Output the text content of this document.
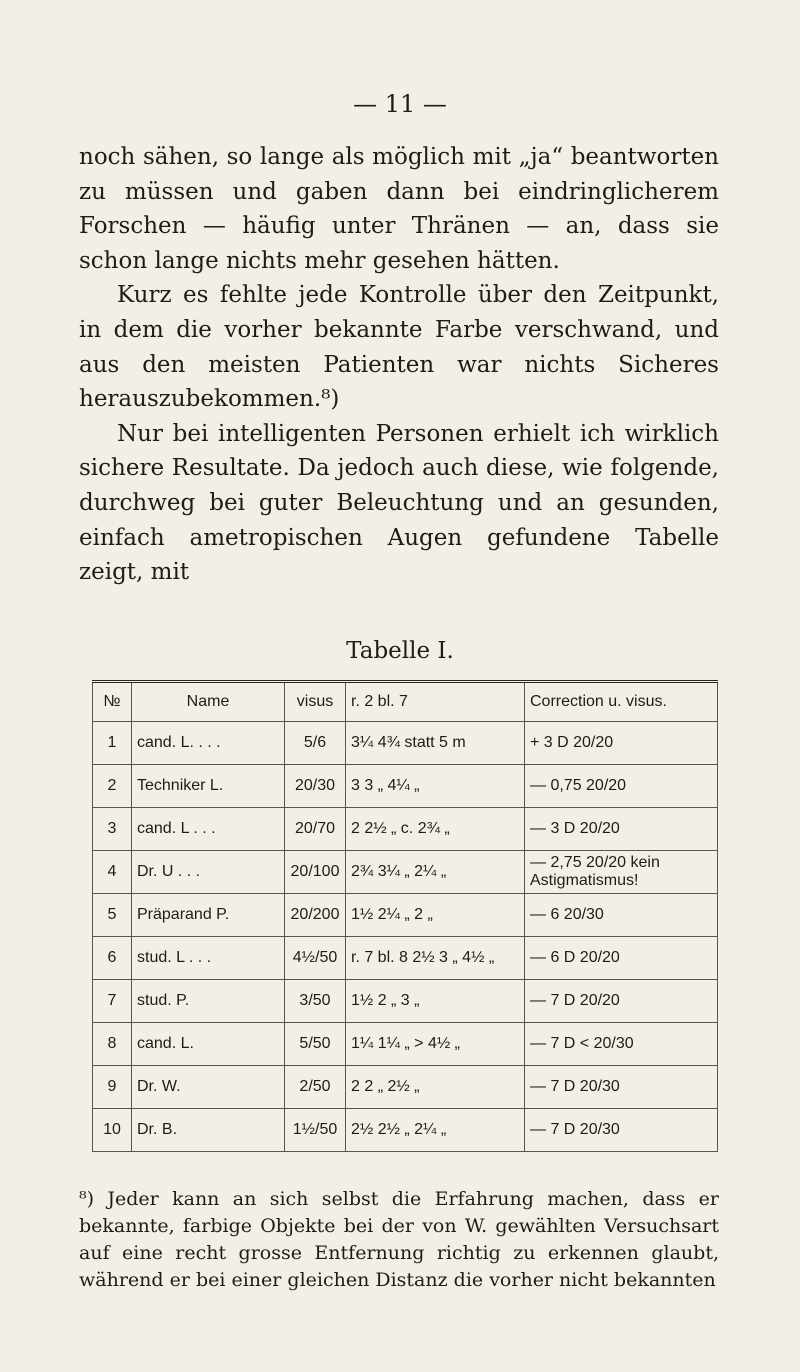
— 11 —

noch sähen, so lange als möglich mit „ja“ beantworten zu müssen und gaben dann bei eindringlicherem Forschen — häufig unter Thränen — an, dass sie schon lange nichts mehr gesehen hätten.

Kurz es fehlte jede Kontrolle über den Zeitpunkt, in dem die vorher bekannte Farbe verschwand, und aus den meisten Patienten war nichts Sicheres herauszubekommen.⁸)

Nur bei intelligenten Personen erhielt ich wirklich sichere Resultate. Da jedoch auch diese, wie folgende, durchweg bei guter Beleuchtung und an gesunden, einfach ametropischen Augen gefundene Tabelle zeigt, mit

Tabelle I.
№	Name	visus	r. 2 bl. 7	Correction u. visus.
1	cand. L. . . .	5/6	3¼ 4¾ statt 5 m	+ 3 D 20/20
2	Techniker L.	20/30	3 3 „ 4¼ „	— 0,75 20/20
3	cand. L . . .	20/70	2 2½ „ c. 2¾ „	— 3 D 20/20
4	Dr. U . . .	20/100	2¾ 3¼ „ 2¼ „	— 2,75 20/20 kein Astigmatismus!
5	Präparand P.	20/200	1½ 2¼ „ 2 „	— 6 20/30
6	stud. L . . .	4½/50	r. 7 bl. 8 2½ 3 „ 4½ „	— 6 D 20/20
7	stud. P.	3/50	1½ 2 „ 3 „	— 7 D 20/20
8	cand. L.	5/50	1¼ 1¼ „ > 4½ „	— 7 D < 20/30
9	Dr. W.	2/50	2 2 „ 2½ „	— 7 D 20/30
10	Dr. B.	1½/50	2½ 2½ „ 2¼ „	— 7 D 20/30
⁸) Jeder kann an sich selbst die Erfahrung machen, dass er bekannte, farbige Objekte bei der von W. gewählten Versuchsart auf eine recht grosse Entfernung richtig zu erkennen glaubt, während er bei einer gleichen Distanz die vorher nicht bekannten
